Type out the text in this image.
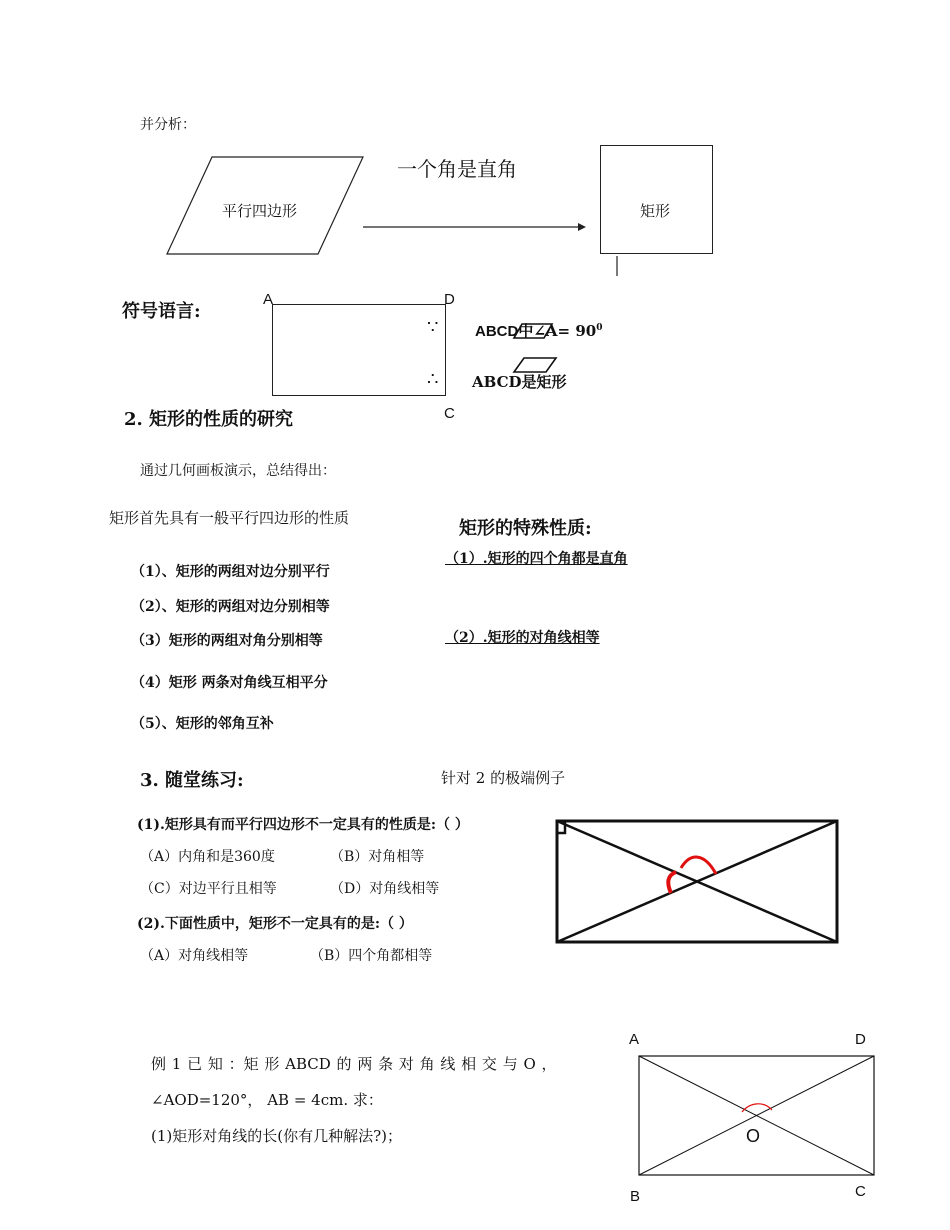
并分析：
平行四边形
一个角是直角
矩形
符号语言:
A	D
C
∵
∴
ABCD中∠A= $90^0$
ABCD是矩形
2. 矩形的性质的研究
通过几何画板演示，总结得出：
矩形首先具有一般平行四边形的性质
（1）、矩形的两组对边分别平行
（2）、矩形的两组对边分别相等
（3）矩形的两组对角分别相等
（4）矩形 两条对角线互相平分
（5）、矩形的邻角互补
矩形的特殊性质:
（1）.矩形的四个角都是直角
（2）.矩形的对角线相等
3. 随堂练习:	针对 2 的极端例子
(1).矩形具有而平行四边形不一定具有的性质是:（ ）
（A）内角和是360度	（B）对角相等
（C）对边平行且相等	（D）对角线相等
(2).下面性质中，矩形不一定具有的是:（ ）
（A）对角线相等	（B）四个角都相等
例 1 已 知 ：矩 形 ABCD 的 两 条 对 角 线 相 交 与 O ，
∠AOD=120°， AB = 4cm. 求：
(1)矩形对角线的长(你有几种解法?)；
A	D
B	C
O
